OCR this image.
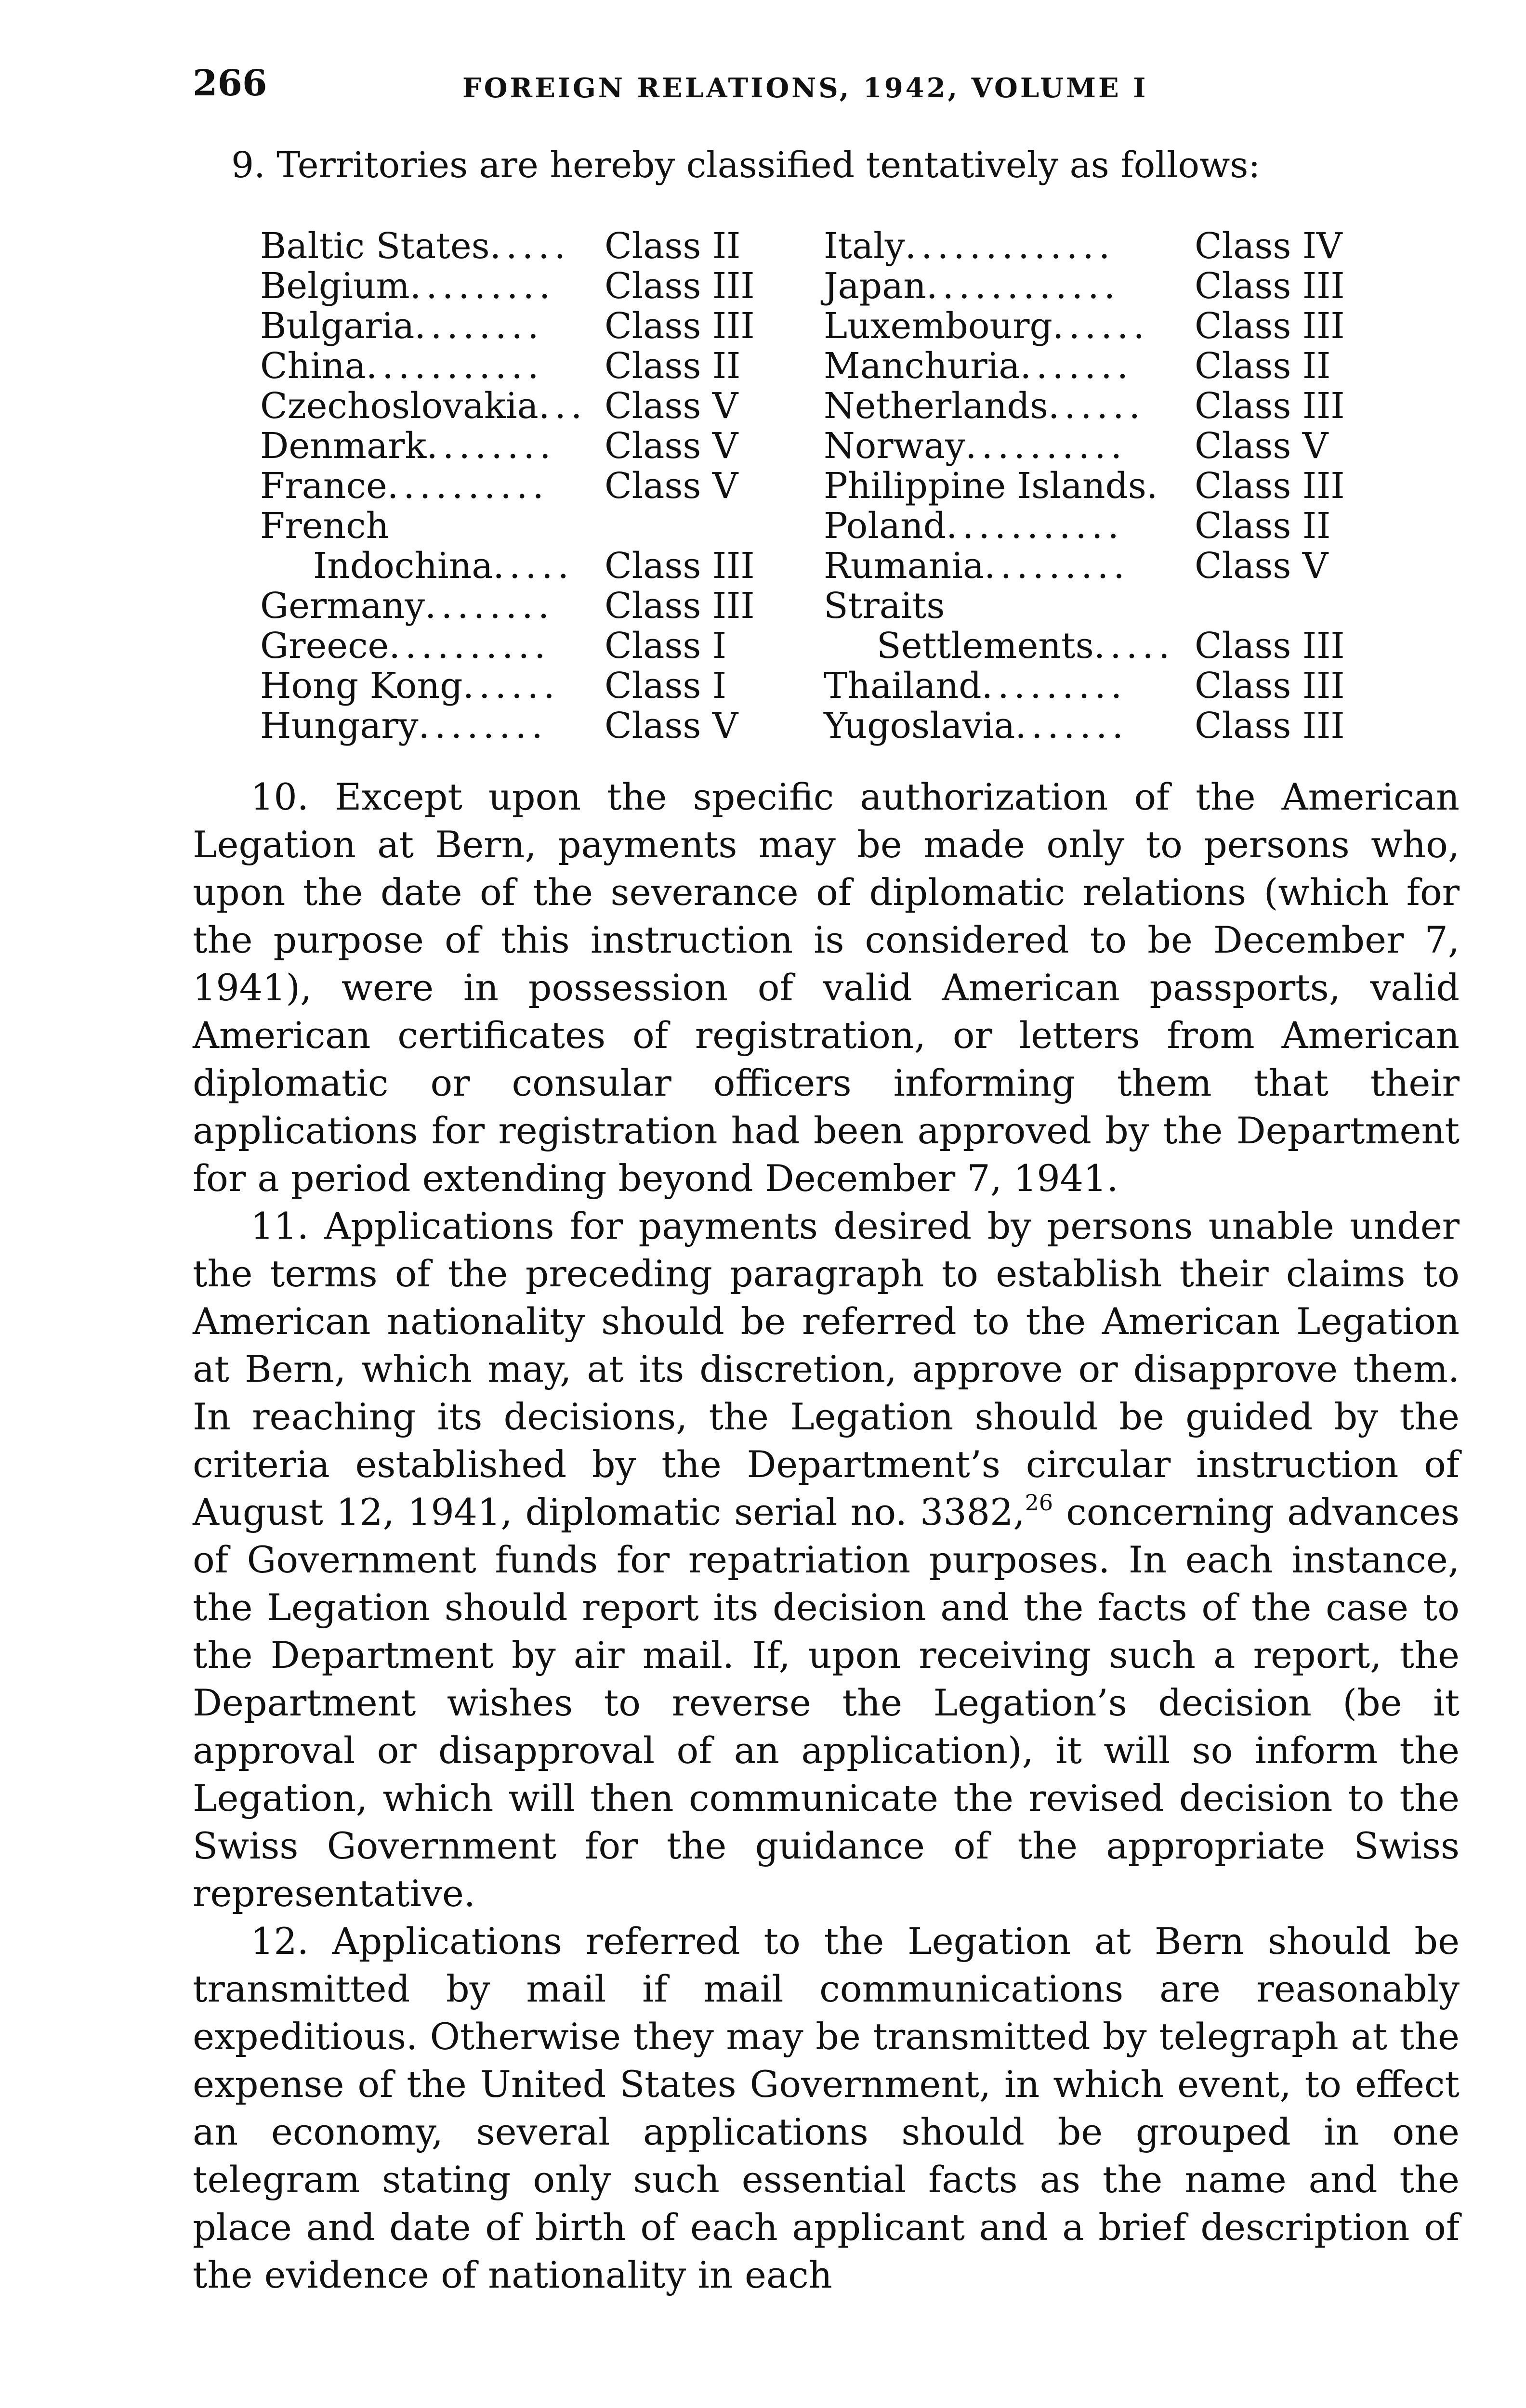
266	FOREIGN RELATIONS, 1942, VOLUME I
9. Territories are hereby classified tentatively as follows:
Baltic States..... Class II
Belgium......... Class III
Bulgaria........ Class III
China........... Class II
Czechoslovakia... Class V
Denmark........ Class V
France.......... Class V
French
Indochina..... Class III
Germany........ Class III
Greece.......... Class I
Hong Kong...... Class I
Hungary........ Class V
Italy............. Class IV
Japan............ Class III
Luxembourg...... Class III
Manchuria....... Class II
Netherlands...... Class III
Norway.......... Class V
Philippine Islands. Class III
Poland........... Class II
Rumania......... Class V
Straits
Settlements..... Class III
Thailand......... Class III
Yugoslavia....... Class III

10. Except upon the specific authorization of the American Legation at Bern, payments may be made only to persons who, upon the date of the severance of diplomatic relations (which for the purpose of this instruction is considered to be December 7, 1941), were in possession of valid American passports, valid American certificates of registration, or letters from American diplomatic or consular officers informing them that their applications for registration had been approved by the Department for a period extending beyond December 7, 1941.

11. Applications for payments desired by persons unable under the terms of the preceding paragraph to establish their claims to American nationality should be referred to the American Legation at Bern, which may, at its discretion, approve or disapprove them. In reaching its decisions, the Legation should be guided by the criteria established by the Department’s circular instruction of August 12, 1941, diplomatic serial no. 3382,26 concerning advances of Government funds for repatriation purposes. In each instance, the Legation should report its decision and the facts of the case to the Department by air mail. If, upon receiving such a report, the Department wishes to reverse the Legation’s decision (be it approval or disapproval of an application), it will so inform the Legation, which will then communicate the revised decision to the Swiss Government for the guidance of the appropriate Swiss representative.

12. Applications referred to the Legation at Bern should be transmitted by mail if mail communications are reasonably expeditious. Otherwise they may be transmitted by telegraph at the expense of the United States Government, in which event, to effect an economy, several applications should be grouped in one telegram stating only such essential facts as the name and the place and date of birth of each applicant and a brief description of the evidence of nationality in each
